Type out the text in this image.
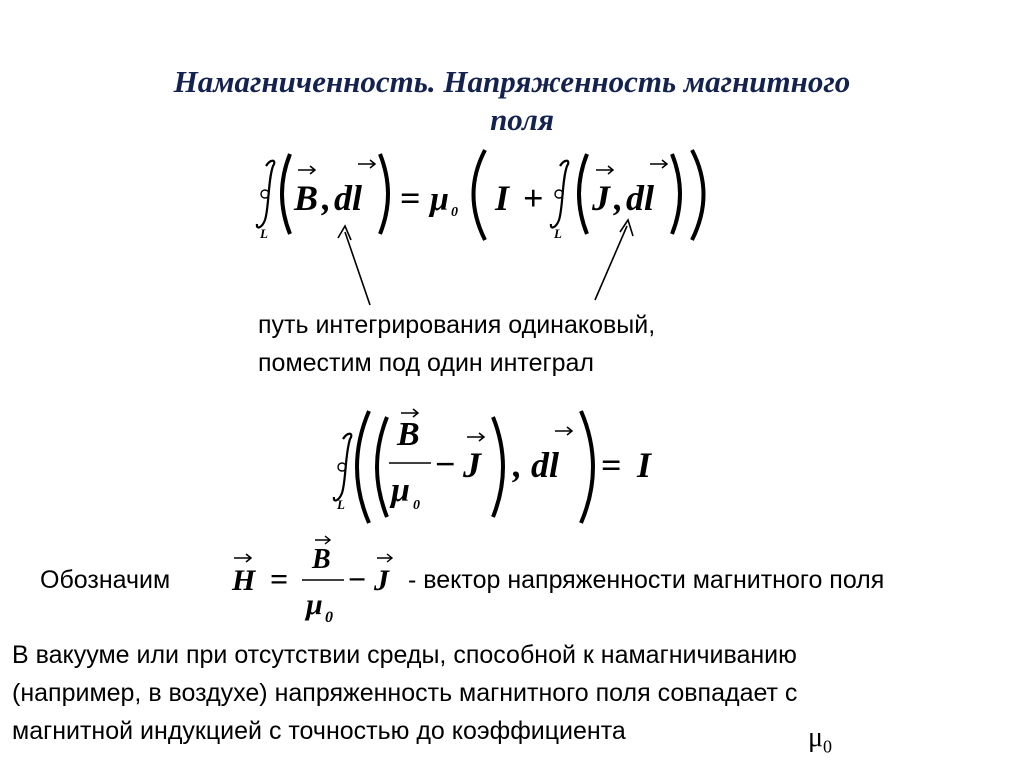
Намагниченность. Напряженность магнитного
поля
L
B , dl = μ 0 I +
L
J , dl
путь интегрирования одинаковый,
поместим под один интеграл
L
B
μ 0
− J , dl = I
Обозначим H =
B
μ 0
− J - вектор напряженности магнитного поля
В вакууме или при отсутствии среды, способной к намагничиванию
(например, в воздухе) напряженность магнитного поля совпадает с
магнитной индукцией с точностью до коэффициента	$\mu_0$
